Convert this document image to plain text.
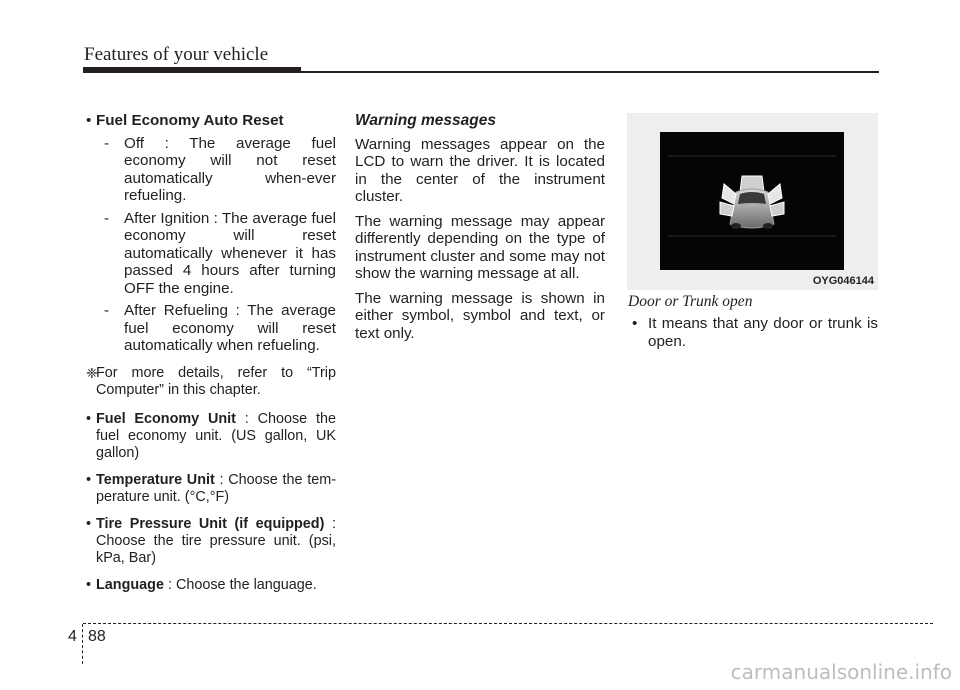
Features of your vehicle
• Fuel Economy Auto Reset
- Off : The average fuel economy will not reset automatically when-ever refueling.
- After Ignition : The average fuel economy will reset automatically whenever it has passed 4 hours after turning OFF the engine.
- After Refueling : The average fuel economy will reset automatically when refueling.
❈
For more details, refer to “Trip Computer” in this chapter.
• Fuel Economy Unit : Choose the fuel economy unit. (US gallon, UK gallon)
• Temperature Unit : Choose the tem-perature unit. (°C,°F)
• Tire Pressure Unit (if equipped) : Choose the tire pressure unit. (psi, kPa, Bar)
• Language : Choose the language.
Warning messages
Warning messages appear on the LCD to warn the driver. It is located in the center of the instrument cluster.
The warning message may appear differently depending on the type of instrument cluster and some may not show the warning message at all.
The warning message is shown in either symbol, symbol and text, or text only.
OYG046144
Door or Trunk open
• It means that any door or trunk is open.
4 88
carmanualsonline.info
